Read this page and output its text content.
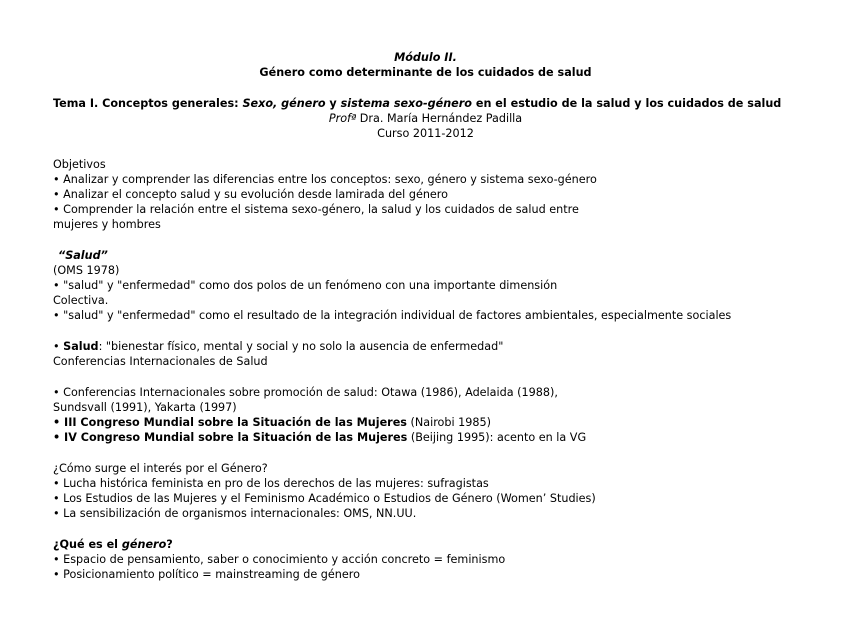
Módulo II.
Género como determinante de los cuidados de salud
Tema I. Conceptos generales: Sexo, género y sistema sexo-género en el estudio de la salud y los cuidados de salud
Profª Dra. María Hernández Padilla
Curso 2011-2012
Objetivos
• Analizar y comprender las diferencias entre los conceptos: sexo, género y sistema sexo-género
• Analizar el concepto salud y su evolución desde lamirada del género
• Comprender la relación entre el sistema sexo-género, la salud y los cuidados de salud entre
mujeres y hombres
“Salud”
(OMS 1978)
• "salud" y "enfermedad" como dos polos de un fenómeno con una importante dimensión
Colectiva.
• "salud" y "enfermedad" como el resultado de la integración individual de factores ambientales, especialmente sociales
• Salud: "bienestar físico, mental y social y no solo la ausencia de enfermedad"
Conferencias Internacionales de Salud
• Conferencias Internacionales sobre promoción de salud: Otawa (1986), Adelaida (1988),
Sundsvall (1991), Yakarta (1997)
• III Congreso Mundial sobre la Situación de las Mujeres (Nairobi 1985)
• IV Congreso Mundial sobre la Situación de las Mujeres (Beijing 1995): acento en la VG
¿Cómo surge el interés por el Género?
• Lucha histórica feminista en pro de los derechos de las mujeres: sufragistas
• Los Estudios de las Mujeres y el Feminismo Académico o Estudios de Género (Women’ Studies)
• La sensibilización de organismos internacionales: OMS, NN.UU.
¿Qué es el género?
• Espacio de pensamiento, saber o conocimiento y acción concreto = feminismo
• Posicionamiento político = mainstreaming de género
